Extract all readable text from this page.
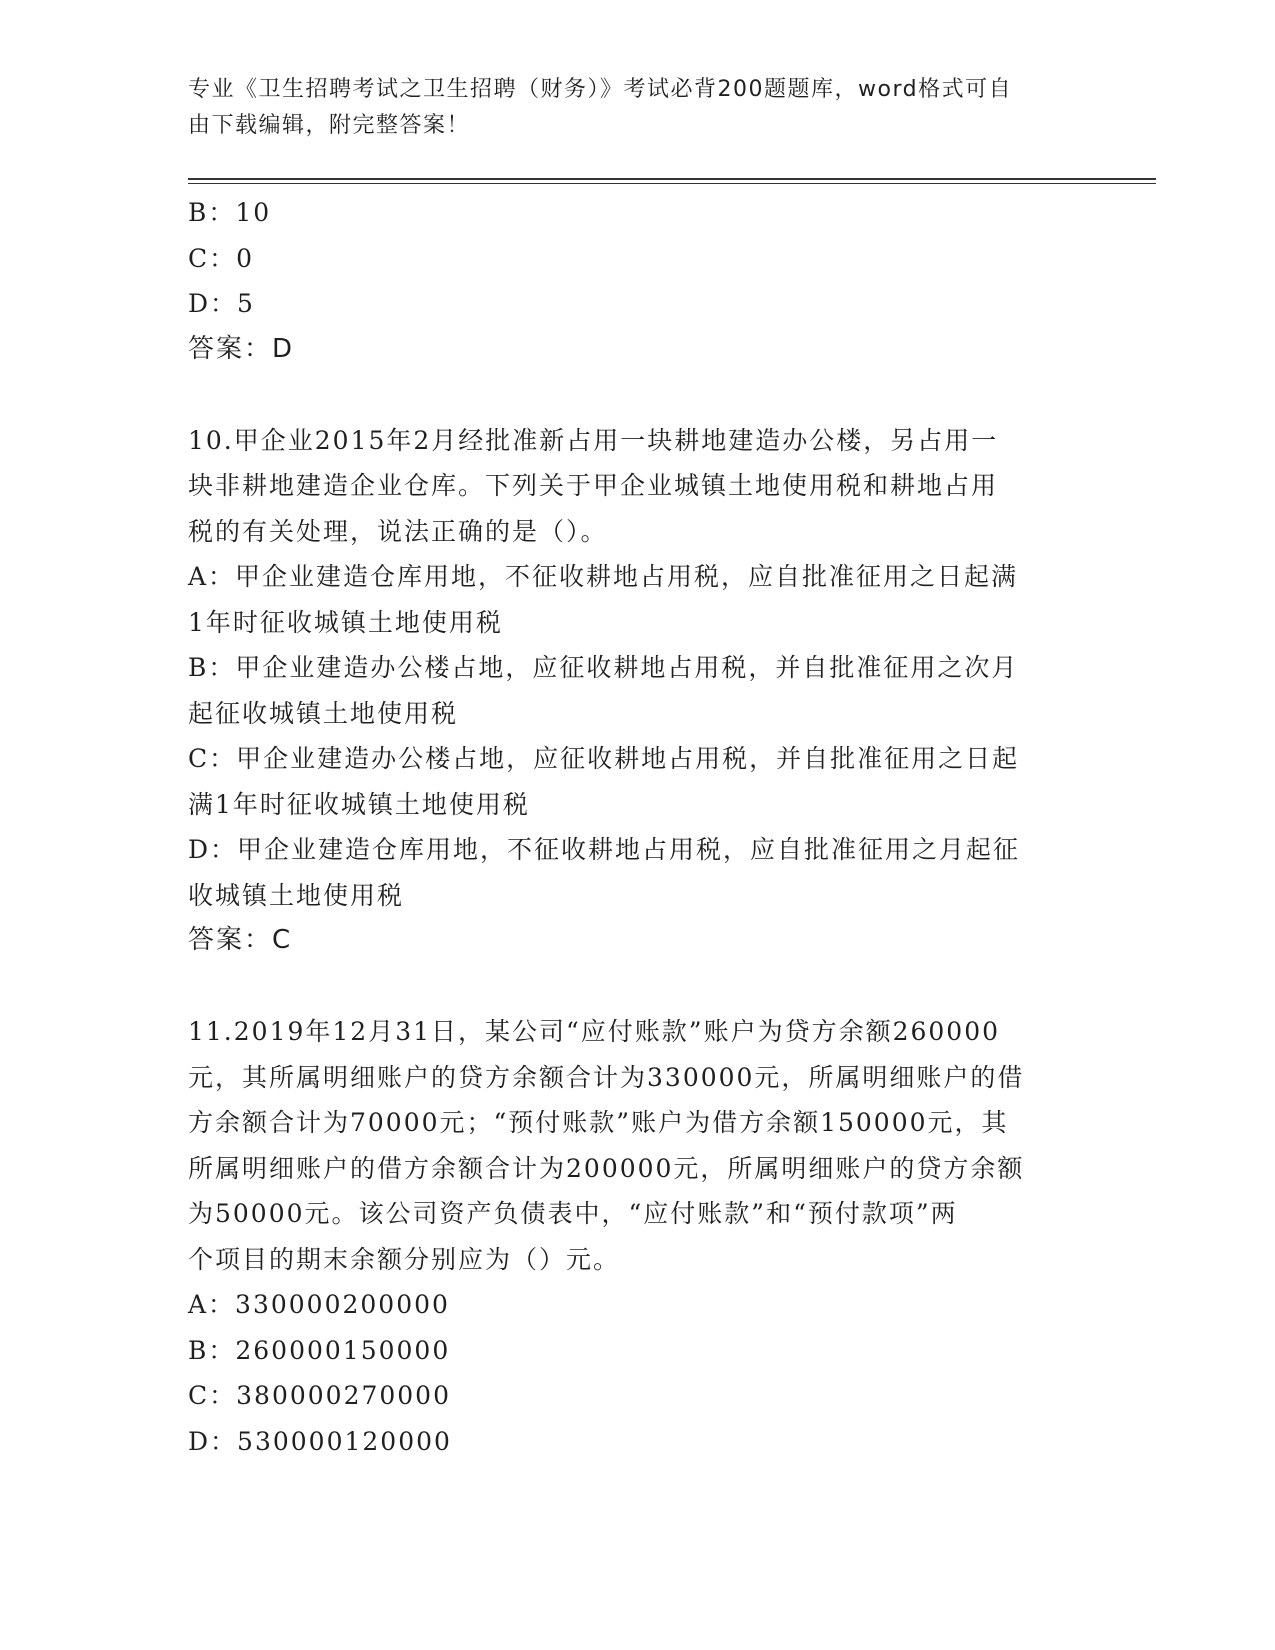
专业《卫生招聘考试之卫生招聘（财务）》考试必背200题题库，word格式可自
由下载编辑，附完整答案！
B：10
C：0
D：5
答案：D
10.甲企业2015年2月经批准新占用一块耕地建造办公楼，另占用一
块非耕地建造企业仓库。下列关于甲企业城镇土地使用税和耕地占用
税的有关处理，说法正确的是（）。
A：甲企业建造仓库用地，不征收耕地占用税，应自批准征用之日起满
1年时征收城镇土地使用税
B：甲企业建造办公楼占地，应征收耕地占用税，并自批准征用之次月
起征收城镇土地使用税
C：甲企业建造办公楼占地，应征收耕地占用税，并自批准征用之日起
满1年时征收城镇土地使用税
D：甲企业建造仓库用地，不征收耕地占用税，应自批准征用之月起征
收城镇土地使用税
答案：C
11.2019年12月31日，某公司“应付账款”账户为贷方余额260000
元，其所属明细账户的贷方余额合计为330000元，所属明细账户的借
方余额合计为70000元；“预付账款”账户为借方余额150000元，其
所属明细账户的借方余额合计为200000元，所属明细账户的贷方余额
为50000元。该公司资产负债表中，“应付账款”和“预付款项”两
个项目的期末余额分别应为（）元。
A：330000200000
B：260000150000
C：380000270000
D：530000120000
